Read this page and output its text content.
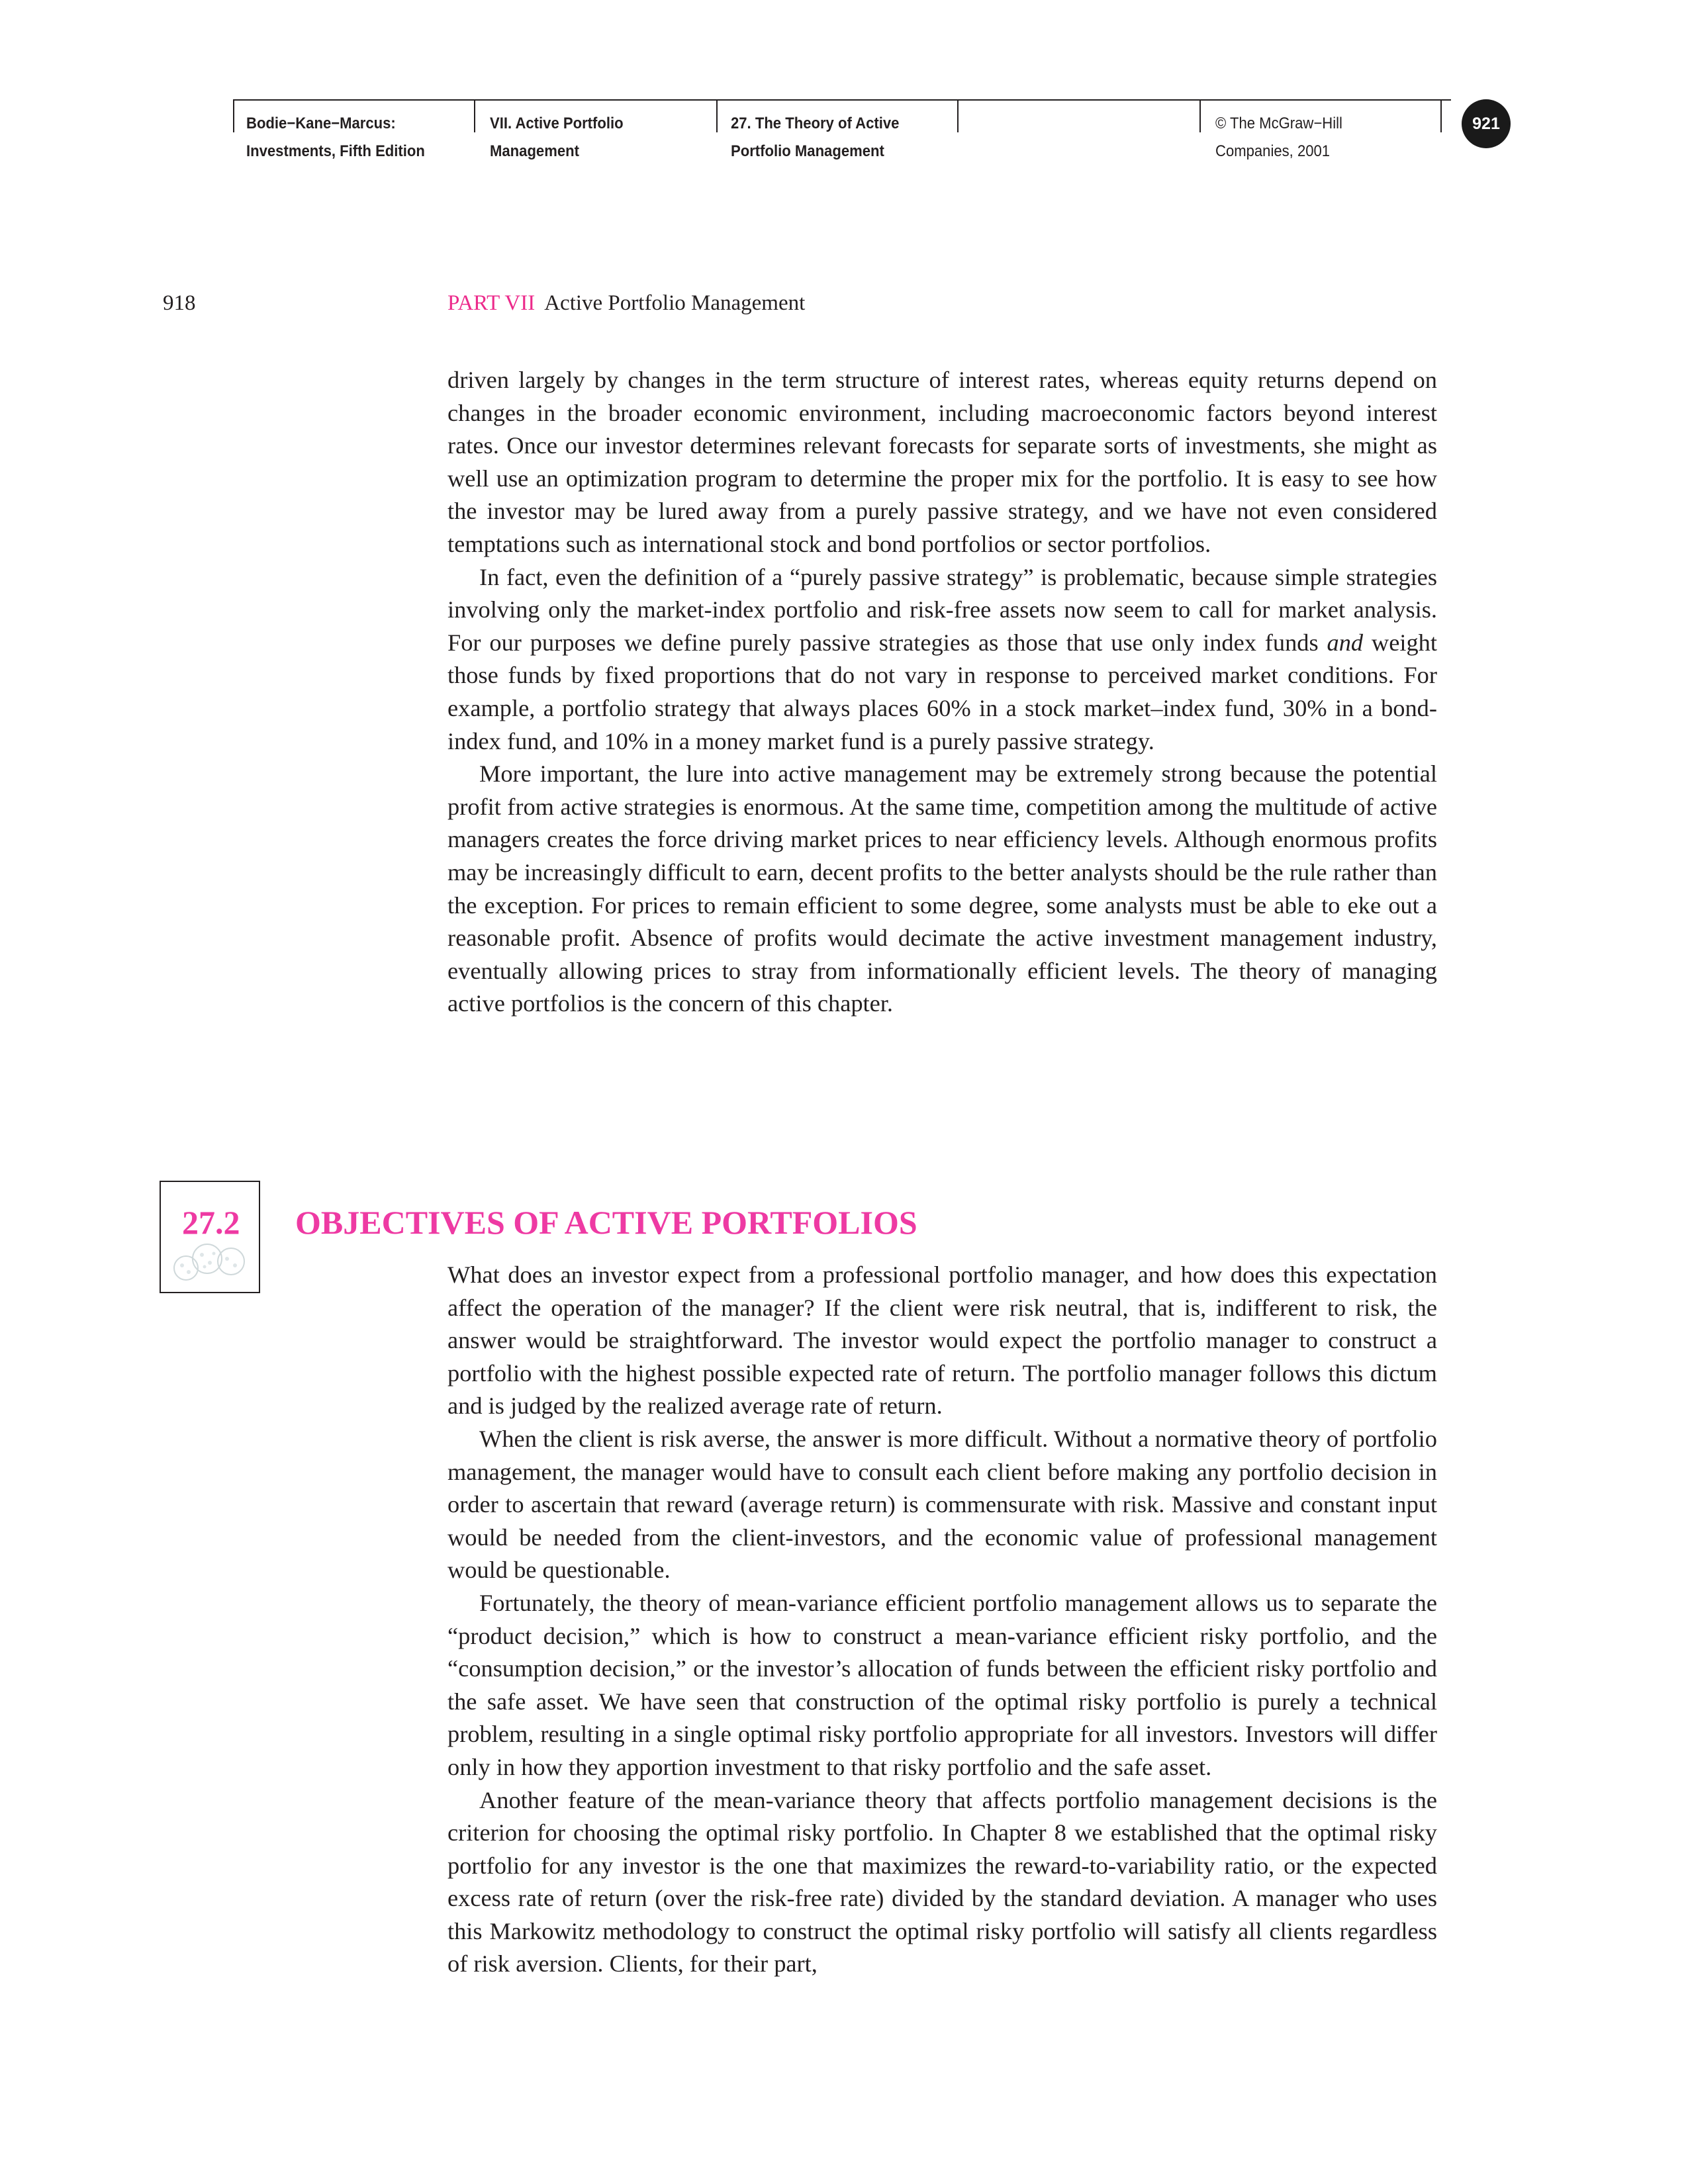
Bodie−Kane−Marcus:
Investments, Fifth Edition
VII. Active Portfolio
Management
27. The Theory of Active
Portfolio Management
© The McGraw−Hill
Companies, 2001
921
918	PART VII Active Portfolio Management

driven largely by changes in the term structure of interest rates, whereas equity returns depend on changes in the broader economic environment, including macroeconomic factors beyond interest rates. Once our investor determines relevant forecasts for separate sorts of investments, she might as well use an optimization program to determine the proper mix for the portfolio. It is easy to see how the investor may be lured away from a purely passive strategy, and we have not even considered temptations such as international stock and bond portfolios or sector portfolios.

In fact, even the definition of a “purely passive strategy” is problematic, because simple strategies involving only the market-index portfolio and risk-free assets now seem to call for market analysis. For our purposes we define purely passive strategies as those that use only index funds and weight those funds by fixed proportions that do not vary in response to perceived market conditions. For example, a portfolio strategy that always places 60% in a stock market–index fund, 30% in a bond-index fund, and 10% in a money market fund is a purely passive strategy.

More important, the lure into active management may be extremely strong because the potential profit from active strategies is enormous. At the same time, competition among the multitude of active managers creates the force driving market prices to near efficiency levels. Although enormous profits may be increasingly difficult to earn, decent profits to the better analysts should be the rule rather than the exception. For prices to remain efficient to some degree, some analysts must be able to eke out a reasonable profit. Absence of profits would decimate the active investment management industry, eventually allowing prices to stray from informationally efficient levels. The theory of managing active portfolios is the concern of this chapter.

27.2 OBJECTIVES OF ACTIVE PORTFOLIOS

What does an investor expect from a professional portfolio manager, and how does this expectation affect the operation of the manager? If the client were risk neutral, that is, indifferent to risk, the answer would be straightforward. The investor would expect the portfolio manager to construct a portfolio with the highest possible expected rate of return. The portfolio manager follows this dictum and is judged by the realized average rate of return.

When the client is risk averse, the answer is more difficult. Without a normative theory of portfolio management, the manager would have to consult each client before making any portfolio decision in order to ascertain that reward (average return) is commensurate with risk. Massive and constant input would be needed from the client-investors, and the economic value of professional management would be questionable.

Fortunately, the theory of mean-variance efficient portfolio management allows us to separate the “product decision,” which is how to construct a mean-variance efficient risky portfolio, and the “consumption decision,” or the investor’s allocation of funds between the efficient risky portfolio and the safe asset. We have seen that construction of the optimal risky portfolio is purely a technical problem, resulting in a single optimal risky portfolio appropriate for all investors. Investors will differ only in how they apportion investment to that risky portfolio and the safe asset.

Another feature of the mean-variance theory that affects portfolio management decisions is the criterion for choosing the optimal risky portfolio. In Chapter 8 we established that the optimal risky portfolio for any investor is the one that maximizes the reward-to-variability ratio, or the expected excess rate of return (over the risk-free rate) divided by the standard deviation. A manager who uses this Markowitz methodology to construct the optimal risky portfolio will satisfy all clients regardless of risk aversion. Clients, for their part,
